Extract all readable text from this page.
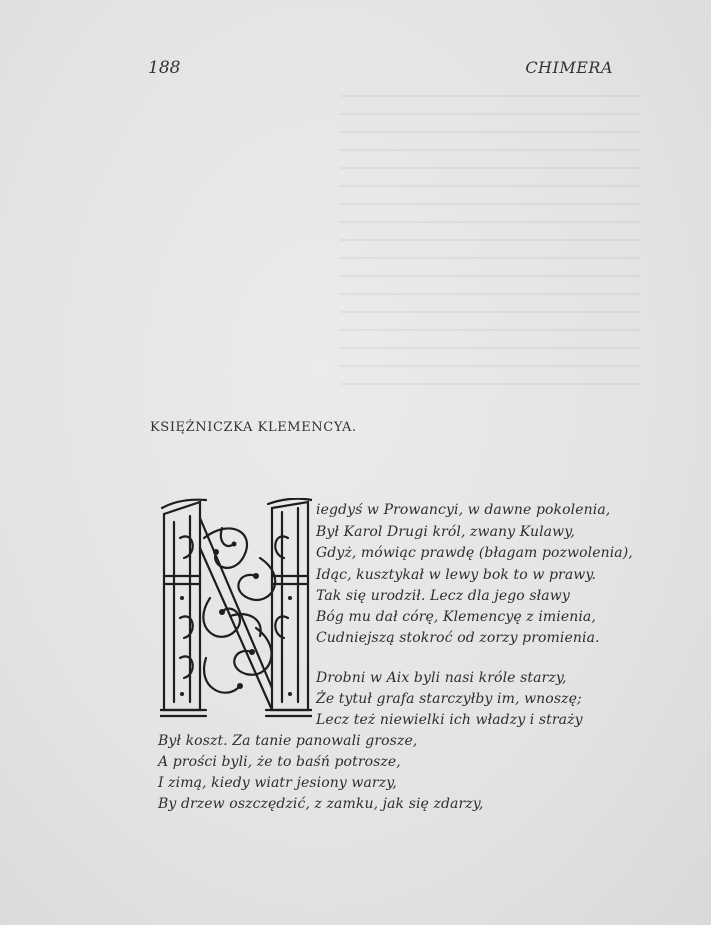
188	CHIMERA
KSIĘŻNICZKA KLEMENCYA.
iegdyś w Prowancyi, w dawne pokolenia,
Był Karol Drugi król, zwany Kulawy,
Gdyż, mówiąc prawdę (błagam pozwolenia),
Idąc, kusztykał w lewy bok to w prawy.
Tak się urodził. Lecz dla jego sławy
Bóg mu dał córę, Klemencyę z imienia,
Cudniejszą stokroć od zorzy promienia.
Drobni w Aix byli nasi króle starzy,
Że tytuł grafa starczyłby im, wnoszę;
Lecz też niewielki ich władzy i straży
Był koszt. Za tanie panowali grosze,
A prości byli, że to baśń potrosze,
I zimą, kiedy wiatr jesiony warzy,
By drzew oszczędzić, z zamku, jak się zdarzy,
